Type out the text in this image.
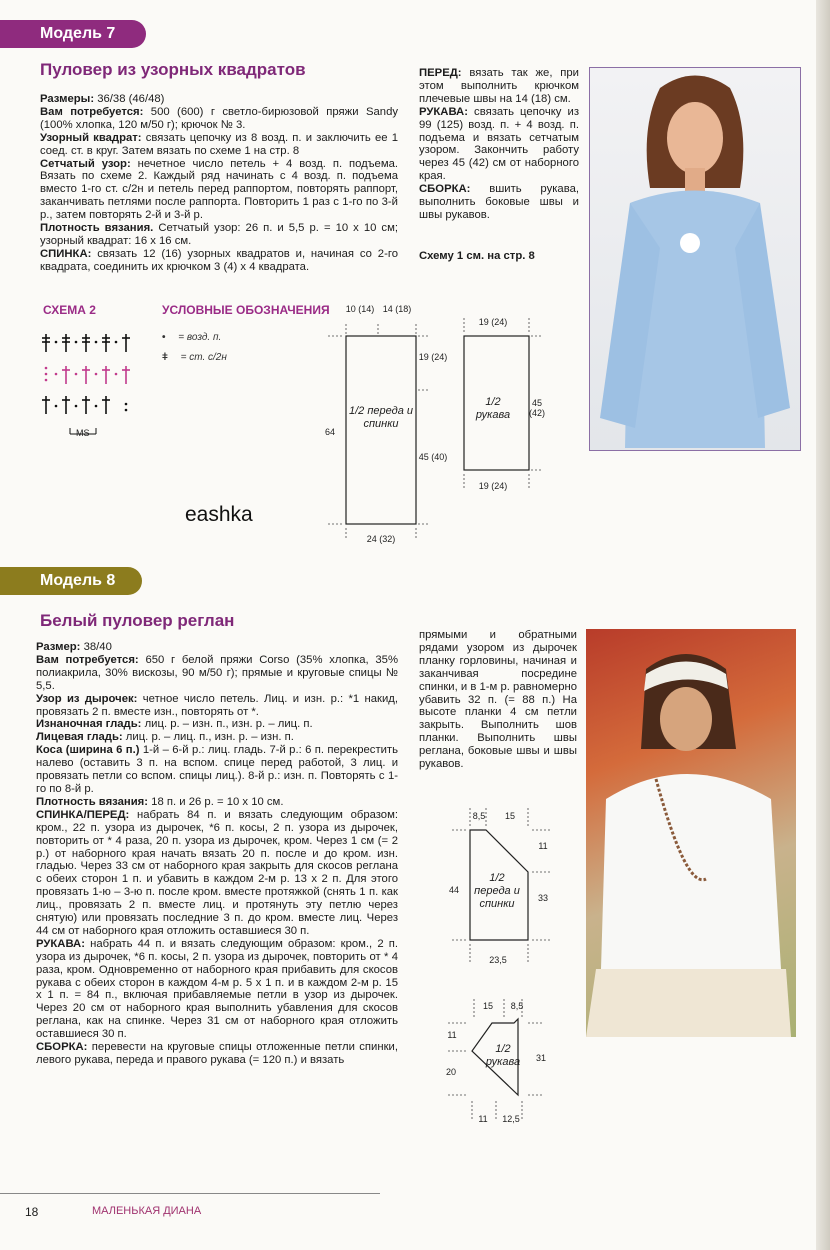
Модель 7
Пуловер из узорных квадратов

Размеры: 36/38 (46/48)

Вам потребуется: 500 (600) г светло-бирюзовой пряжи Sandy (100% хлопка, 120 м/50 г); крючок № 3.

Узорный квадрат: связать цепочку из 8 возд. п. и заключить ее 1 соед. ст. в круг. Затем вязать по схеме 1 на стр. 8

Сетчатый узор: нечетное число петель + 4 возд. п. подъема. Вязать по схеме 2. Каждый ряд начинать с 4 возд. п. подъема вместо 1-го ст. с/2н и петель перед раппортом, повторять раппорт, заканчивать петлями после раппорта. Повторить 1 раз с 1-го по 3-й р., затем повторять 2-й и 3-й р.

Плотность вязания. Сетчатый узор: 26 п. и 5,5 р. = 10 х 10 см; узорный квадрат: 16 х 16 см.

СПИНКА: связать 12 (16) узорных квадратов и, начиная со 2-го квадрата, соединить их крючком 3 (4) х 4 квадрата.

ПЕРЕД: вязать так же, при этом выполнить крючком плечевые швы на 14 (18) см.

РУКАВА: связать цепочку из 99 (125) возд. п. + 4 возд. п. подъема и вязать сетчатым узором. Закончить работу через 45 (42) см от наборного края.

СБОРКА: вшить рукава, выполнить боковые швы и швы рукавов.

Схему 1 см. на стр. 8
СХЕМА 2	УСЛОВНЫЕ ОБОЗНАЧЕНИЯ
MS
• = возд. п.
ǂ = ст. с/2н
eashka
10 (14) 14 (18)
19 (24)
45 (40)
64
24 (32)
1/2 переда и спинки
19 (24)
45 (42)
19 (24)
1/2 рукава
Модель 8
Белый пуловер реглан

Размер: 38/40

Вам потребуется: 650 г белой пряжи Corso (35% хлопка, 35% полиакрила, 30% вискозы, 90 м/50 г); прямые и круговые спицы № 5,5.

Узор из дырочек: четное число петель. Лиц. и изн. р.: *1 накид, провязать 2 п. вместе изн., повторять от *.

Изнаночная гладь: лиц. р. – изн. п., изн. р. – лиц. п.

Лицевая гладь: лиц. р. – лиц. п., изн. р. – изн. п.

Коса (ширина 6 п.) 1-й – 6-й р.: лиц. гладь. 7-й р.: 6 п. перекрестить налево (оставить 3 п. на вспом. спице перед работой, 3 лиц. и провязать петли со вспом. спицы лиц.). 8-й р.: изн. п. Повторять с 1-го по 8-й р.

Плотность вязания: 18 п. и 26 р. = 10 х 10 см.

СПИНКА/ПЕРЕД: набрать 84 п. и вязать следующим образом: кром., 22 п. узора из дырочек, *6 п. косы, 2 п. узора из дырочек, повторить от * 4 раза, 20 п. узора из дырочек, кром. Через 1 см (= 2 р.) от наборного края начать вязать 20 п. после и до кром. изн. гладью. Через 33 см от наборного края закрыть для скосов реглана с обеих сторон 1 п. и убавить в каждом 2-м р. 13 х 2 п. Для этого провязать 1-ю – 3-ю п. после кром. вместе протяжкой (снять 1 п. как лиц., провязать 2 п. вместе лиц. и протянуть эту петлю через снятую) или провязать последние 3 п. до кром. вместе лиц. Через 44 см от наборного края отложить оставшиеся 30 п.

РУКАВА: набрать 44 п. и вязать следующим образом: кром., 2 п. узора из дырочек, *6 п. косы, 2 п. узора из дырочек, повторить от * 4 раза, кром. Одновременно от наборного края прибавить для скосов рукава с обеих сторон в каждом 4-м р. 5 х 1 п. и в каждом 2-м р. 15 х 1 п. = 84 п., включая прибавляемые петли в узор из дырочек. Через 20 см от наборного края выполнить убавления для скосов реглана, как на спинке. Через 31 см от наборного края отложить оставшиеся 30 п.

СБОРКА: перевести на круговые спицы отложенные петли спинки, левого рукава, переда и правого рукава (= 120 п.) и вязать

прямыми и обратными рядами узором из дырочек планку горловины, начиная и заканчивая посредине спинки, и в 1-м р. равномерно убавить 32 п. (= 88 п.) На высоте планки 4 см петли закрыть. Выполнить шов планки. Выполнить швы реглана, боковые швы и швы рукавов.
8,5	15
11
33
44
23,5
1/2 переда и спинки
15	8,5
11
20
31
11	12,5
1/2 рукава
18	МАЛЕНЬКАЯ ДИАНА
